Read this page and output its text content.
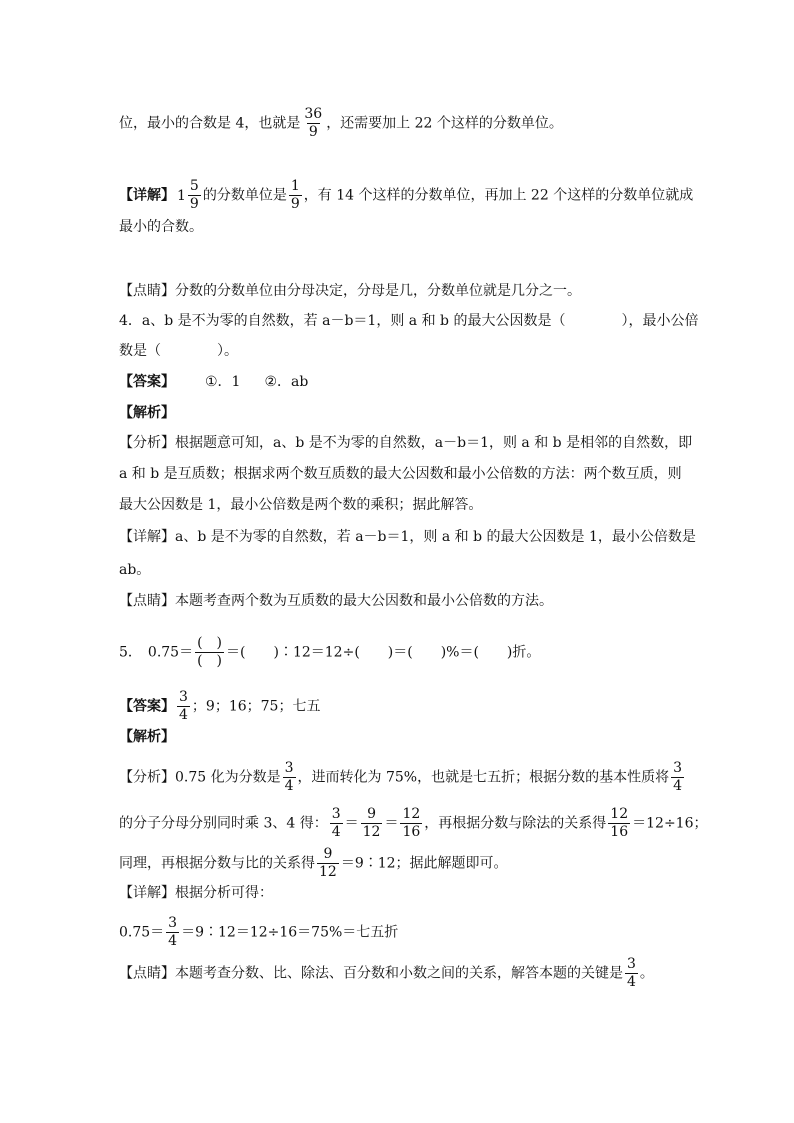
位，最小的合数是 4，也就是 $\frac{36}{9}$ ，还需要加上 22 个这样的分数单位。
【详解】 $1 \frac{5}{9}$ 的分数单位是 $\frac{1}{9}$ ，有 14 个这样的分数单位，再加上 22 个这样的分数单位就成
最小的合数。
【点睛】分数的分数单位由分母决定，分母是几，分数单位就是几分之一。
4．a、b 是不为零的自然数，若 a－b＝1，则 a 和 b 的最大公因数是（　　　　），最小公倍
数是（　　　　）。
【答案】 ①．1 ②．ab
【解析】
【分析】根据题意可知，a、b 是不为零的自然数，a－b＝1，则 a 和 b 是相邻的自然数，即
a 和 b 是互质数；根据求两个数互质数的最大公因数和最小公倍数的方法：两个数互质，则
最大公因数是 1，最小公倍数是两个数的乘积；据此解答。
【详解】a、b 是不为零的自然数，若 a－b＝1，则 a 和 b 的最大公因数是 1，最小公倍数是
ab。
【点睛】本题考查两个数为互质数的最大公因数和最小公倍数的方法。
5． $0.75= \frac{( )}{( )}$ ＝(　　)∶12＝12÷(　　)＝(　　)%＝(　　)折。
【答案】 $\frac{3}{4}$ ；9；16；75；七五
【解析】
【分析】0.75 化为分数是 $\frac{3}{4}$ ，进而转化为 75%，也就是七五折；根据分数的基本性质将 $\frac{3}{4}$
的分子分母分别同时乘 3、4 得： $\frac{3}{4} = \frac{9}{12} = \frac{12}{16}$ ，再根据分数与除法的关系得 $\frac{12}{16} =12\div 16$；
同理，再根据分数与比的关系得 $\frac{9}{12}$ ＝9∶12；据此解题即可。
【详解】根据分析可得：
$0.75= \frac{3}{4}$ ＝9∶12＝12÷16＝75%＝七五折
【点睛】本题考查分数、比、除法、百分数和小数之间的关系，解答本题的关键是 $\frac{3}{4}$ 。
